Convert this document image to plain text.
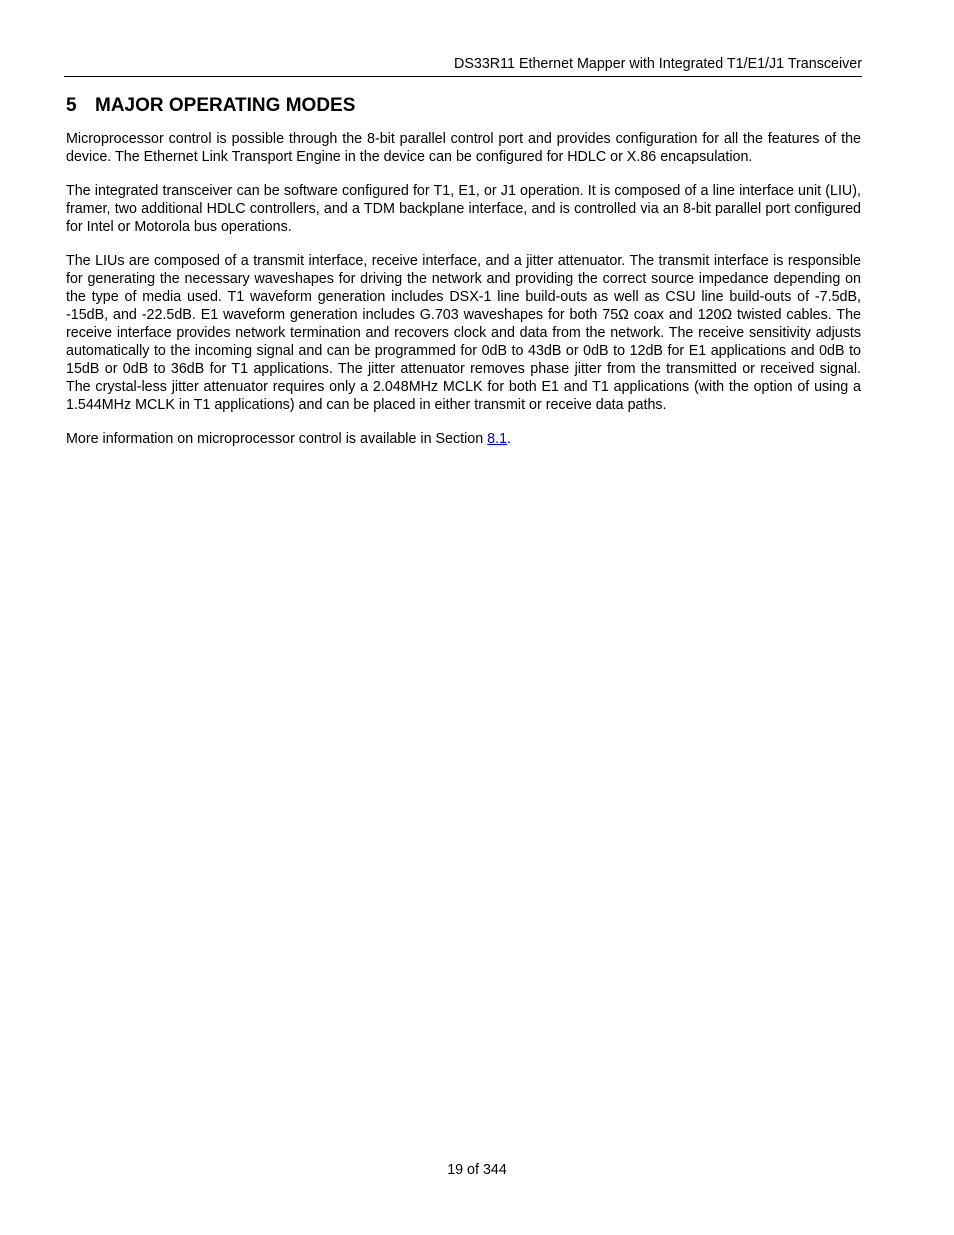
DS33R11 Ethernet Mapper with Integrated T1/E1/J1 Transceiver
5 MAJOR OPERATING MODES

Microprocessor control is possible through the 8-bit parallel control port and provides configuration for all the features of the device. The Ethernet Link Transport Engine in the device can be configured for HDLC or X.86 encapsulation.

The integrated transceiver can be software configured for T1, E1, or J1 operation. It is composed of a line interface unit (LIU), framer, two additional HDLC controllers, and a TDM backplane interface, and is controlled via an 8-bit parallel port configured for Intel or Motorola bus operations.

The LIUs are composed of a transmit interface, receive interface, and a jitter attenuator. The transmit interface is responsible for generating the necessary waveshapes for driving the network and providing the correct source impedance depending on the type of media used. T1 waveform generation includes DSX-1 line build-outs as well as CSU line build-outs of -7.5dB, -15dB, and -22.5dB. E1 waveform generation includes G.703 waveshapes for both 75Ω coax and 120Ω twisted cables. The receive interface provides network termination and recovers clock and data from the network. The receive sensitivity adjusts automatically to the incoming signal and can be programmed for 0dB to 43dB or 0dB to 12dB for E1 applications and 0dB to 15dB or 0dB to 36dB for T1 applications. The jitter attenuator removes phase jitter from the transmitted or received signal. The crystal-less jitter attenuator requires only a 2.048MHz MCLK for both E1 and T1 applications (with the option of using a 1.544MHz MCLK in T1 applications) and can be placed in either transmit or receive data paths.

More information on microprocessor control is available in Section 8.1.

19 of 344
